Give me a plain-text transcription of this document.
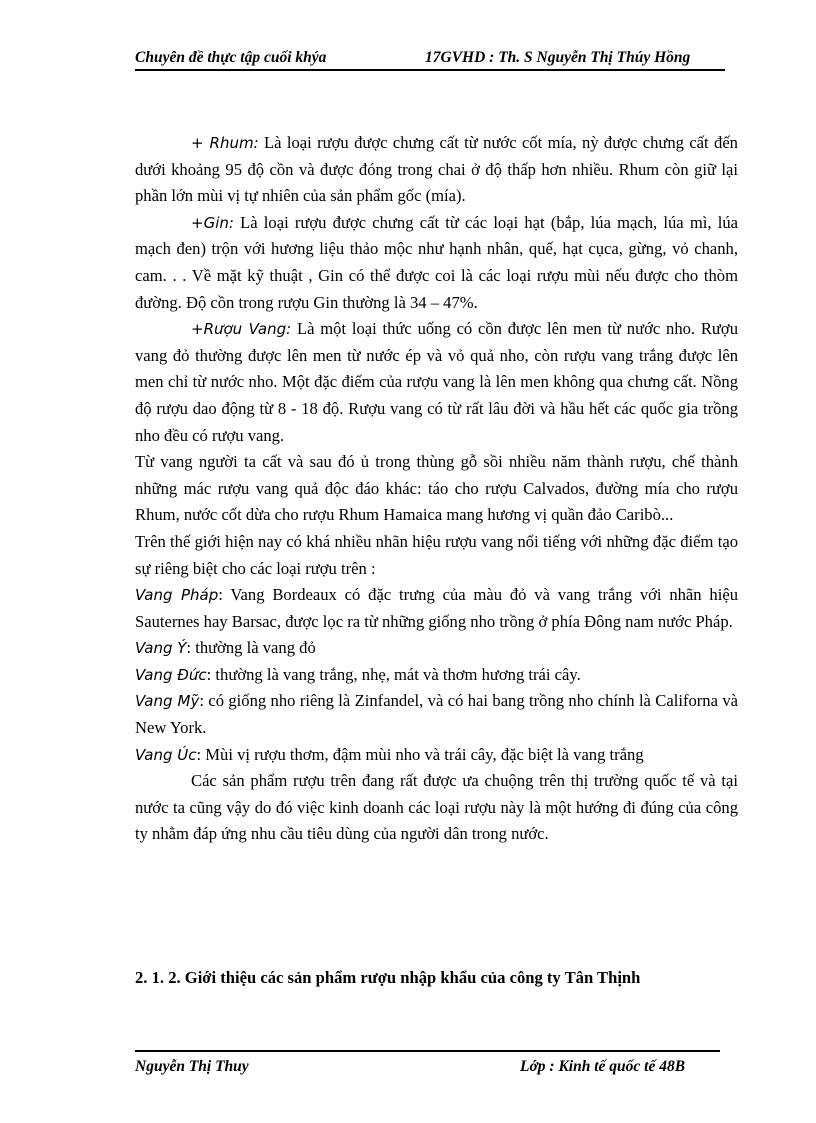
Chuyên đề thực tập cuối khýa	17GVHD : Th. S Nguyễn Thị Thúy Hồng

+ Rhum: Là loại rượu được chưng cất từ nước cốt mía, nỳ được chưng cất đến dưới khoảng 95 độ cồn và được đóng trong chai ở độ thấp hơn nhiều. Rhum còn giữ lại phần lớn mùi vị tự nhiên của sản phẩm gốc (mía).

+Gin: Là loại rượu được chưng cất từ các loại hạt (bắp, lúa mạch, lúa mì, lúa mạch đen) trộn với hương liệu thảo mộc như hạnh nhân, quế, hạt cụca, gừng, vỏ chanh, cam. . . Về mặt kỹ thuật , Gin có thể được coi là các loại rượu mùi nếu được cho thòm đường. Độ cồn trong rượu Gin thường là 34 – 47%.

+Rượu Vang: Là một loại thức uống có cồn được lên men từ nước nho. Rượu vang đỏ thường được lên men từ nước ép và vỏ quả nho, còn rượu vang trắng được lên men chỉ từ nước nho. Một đặc điểm của rượu vang là lên men không qua chưng cất. Nồng độ rượu dao động từ 8 - 18 độ. Rượu vang có từ rất lâu đời và hầu hết các quốc gia trồng nho đều có rượu vang.

Từ vang người ta cất và sau đó ủ trong thùng gỗ sồi nhiều năm thành rượu, chế thành những mác rượu vang quả độc đáo khác: táo cho rượu Calvados, đường mía cho rượu Rhum, nước cốt dừa cho rượu Rhum Hamaica mang hương vị quần đảo Caribò...

Trên thế giới hiện nay có khá nhiều nhãn hiệu rượu vang nổi tiếng với những đặc điểm tạo sự riêng biệt cho các loại rượu trên :

Vang Pháp: Vang Bordeaux có đặc trưng của màu đỏ và vang trắng với nhãn hiệu Sauternes hay Barsac, được lọc ra từ những giống nho trồng ở phía Đông nam nước Pháp.

Vang Ý: thường là vang đỏ

Vang Đức: thường là vang trắng, nhẹ, mát và thơm hương trái cây.

Vang Mỹ: có giống nho riêng là Zinfandel, và có hai bang trồng nho chính là Californa và New York.

Vang Úc: Mùi vị rượu thơm, đậm mùi nho và trái cây, đặc biệt là vang trắng

Các sản phẩm rượu trên đang rất được ưa chuộng trên thị trường quốc tế và tại nước ta cũng vậy do đó việc kinh doanh các loại rượu này là một hướng đi đúng của công ty nhằm đáp ứng nhu cầu tiêu dùng của người dân trong nước.

2. 1. 2. Giới thiệu các sản phẩm rượu nhập khẩu của công ty Tân Thịnh
Nguyễn Thị Thuy	Lớp : Kinh tế quốc tế 48B
